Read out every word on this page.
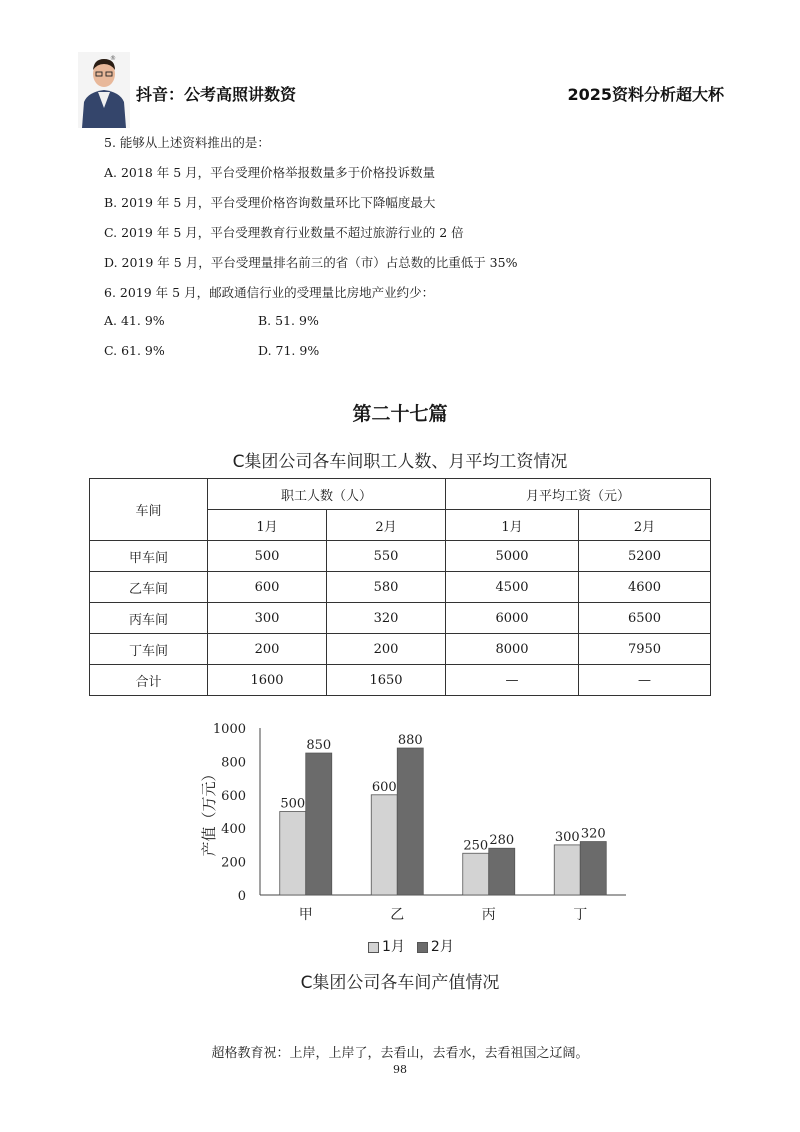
®
抖音：公考高照讲数资	2025资料分析超大杯
5. 能够从上述资料推出的是：
A. 2018 年 5 月，平台受理价格举报数量多于价格投诉数量
B. 2019 年 5 月，平台受理价格咨询数量环比下降幅度最大
C. 2019 年 5 月，平台受理教育行业数量不超过旅游行业的 2 倍
D. 2019 年 5 月，平台受理量排名前三的省（市）占总数的比重低于 35%
6. 2019 年 5 月，邮政通信行业的受理量比房地产业约少：
A. 41. 9%	B. 51. 9%
C. 61. 9%	D. 71. 9%
第二十七篇
C集团公司各车间职工人数、月平均工资情况
车间	职工人数（人）		月平均工资（元）	
	1月	2月	1月	2月
甲车间	500	550	5000	5200
乙车间	600	580	4500	4600
丙车间	300	320	6000	6500
丁车间	200	200	8000	7950
合计	1600	1650	—	—
0
200
400
600
800
1000
产值（万元）	500
850
甲
600
880
乙
250 280
丙
300 320
丁
1月	2月
C集团公司各车间产值情况
超格教育祝：上岸，上岸了，去看山，去看水，去看祖国之辽阔。
98
